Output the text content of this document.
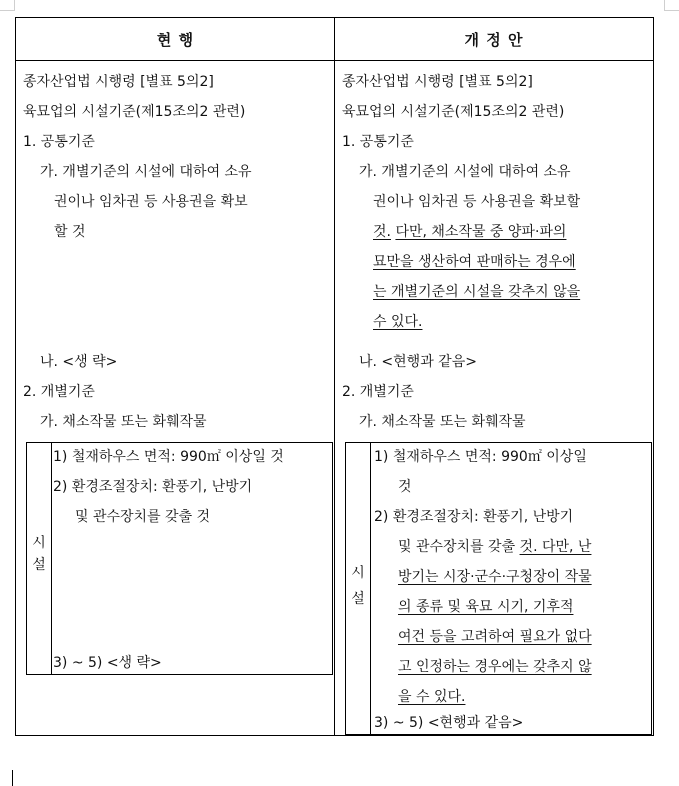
현 행	개 정 안
종자산업법 시행령 [별표 5의2]
육묘업의 시설기준(제15조의2 관련)
1. 공통기준
가. 개별기준의 시설에 대하여 소유
권이나 임차권 등 사용권을 확보
할 것
나. <생 략>
2. 개별기준
가. 채소작물 또는 화훼작물
시
설
1) 철재하우스 면적: 990㎡ 이상일 것
2) 환경조절장치: 환풍기, 난방기
및 관수장치를 갖출 것
3) ~ 5) <생 략>
종자산업법 시행령 [별표 5의2]
육묘업의 시설기준(제15조의2 관련)
1. 공통기준
가. 개별기준의 시설에 대하여 소유
권이나 임차권 등 사용권을 확보할
것. 다만, 채소작물 중 양파·파의
묘만을 생산하여 판매하는 경우에
는 개별기준의 시설을 갖추지 않을
수 있다.
나. <현행과 같음>
2. 개별기준
가. 채소작물 또는 화훼작물
시
설
1) 철재하우스 면적: 990㎡ 이상일
것
2) 환경조절장치: 환풍기, 난방기
및 관수장치를 갖출 것. 다만, 난
방기는 시장·군수·구청장이 작물
의 종류 및 육묘 시기, 기후적
여건 등을 고려하여 필요가 없다
고 인정하는 경우에는 갖추지 않
을 수 있다.
3) ~ 5) <현행과 같음>
